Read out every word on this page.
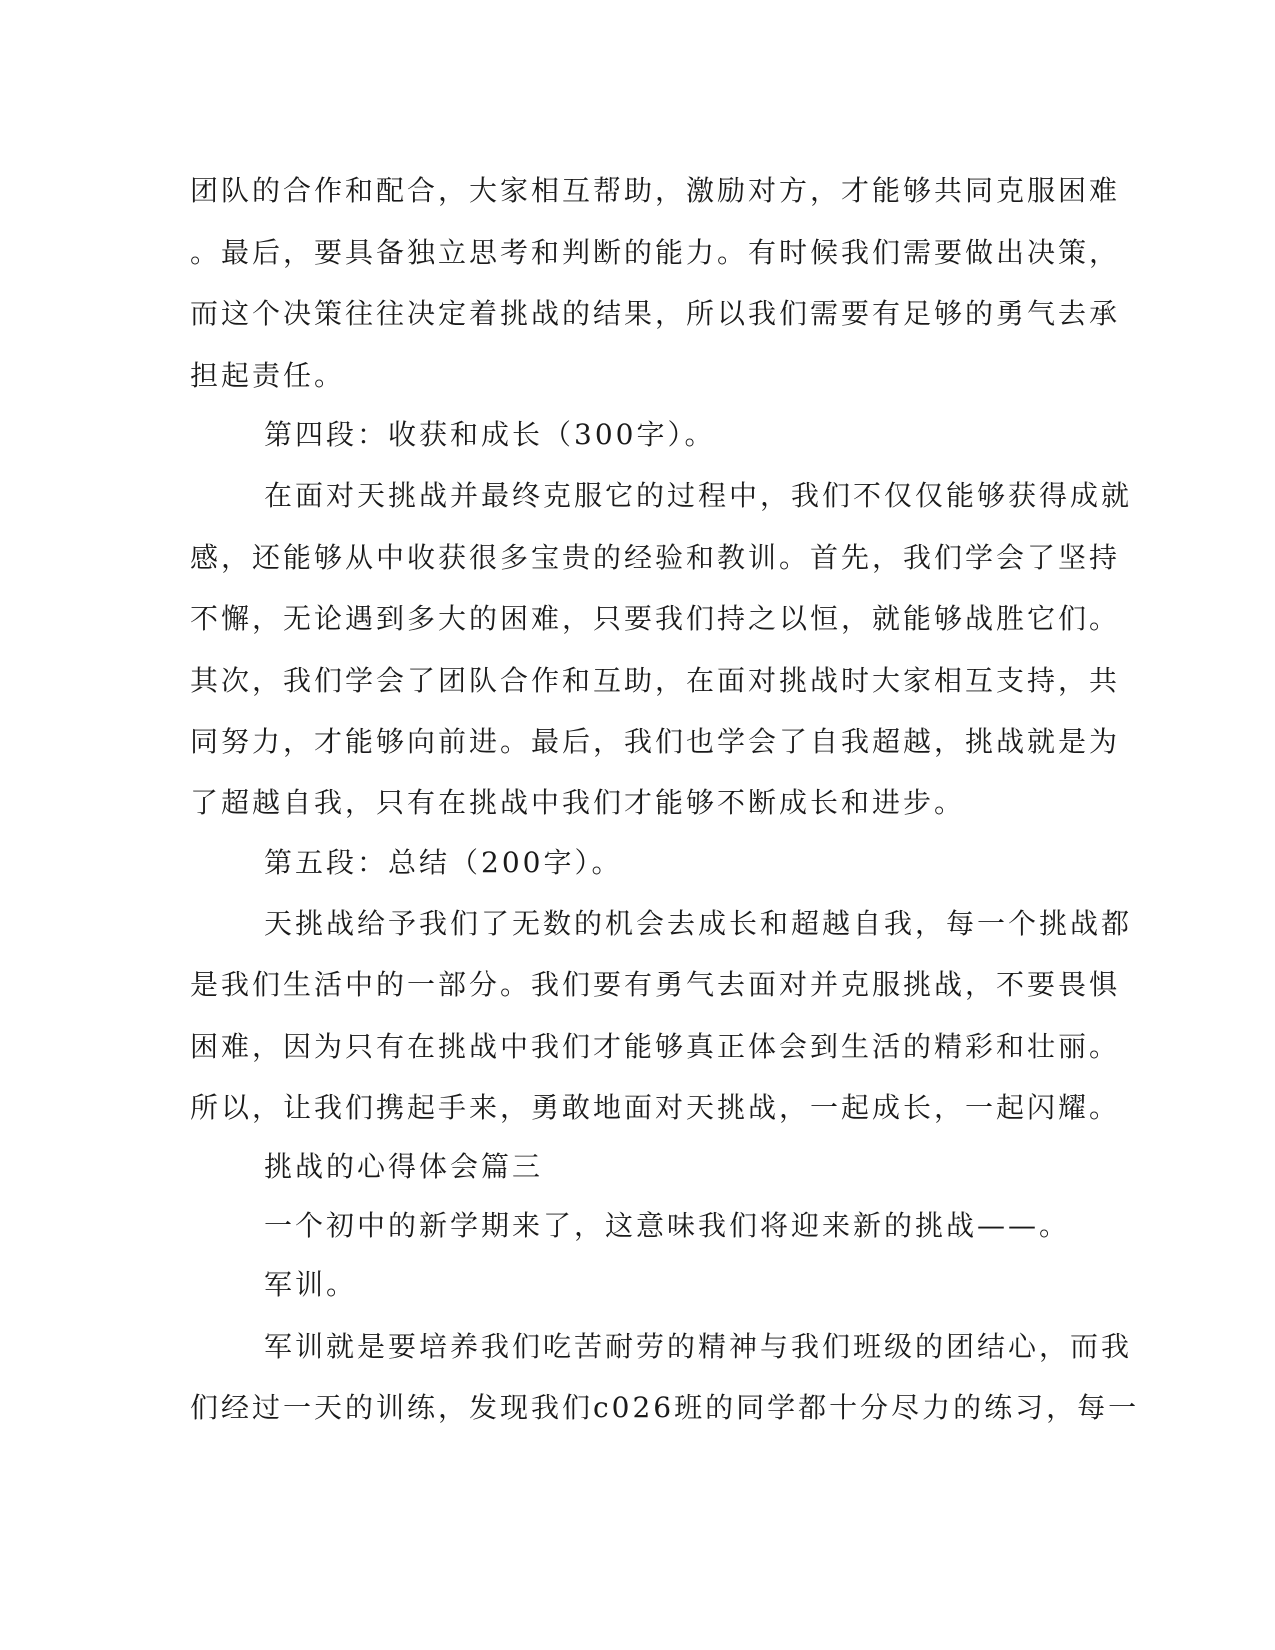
团队的合作和配合，大家相互帮助，激励对方，才能够共同克服困难
。最后，要具备独立思考和判断的能力。有时候我们需要做出决策，
而这个决策往往决定着挑战的结果，所以我们需要有足够的勇气去承
担起责任。
第四段：收获和成长（300字）。
在面对天挑战并最终克服它的过程中，我们不仅仅能够获得成就
感，还能够从中收获很多宝贵的经验和教训。首先，我们学会了坚持
不懈，无论遇到多大的困难，只要我们持之以恒，就能够战胜它们。
其次，我们学会了团队合作和互助，在面对挑战时大家相互支持，共
同努力，才能够向前进。最后，我们也学会了自我超越，挑战就是为
了超越自我，只有在挑战中我们才能够不断成长和进步。
第五段：总结（200字）。
天挑战给予我们了无数的机会去成长和超越自我，每一个挑战都
是我们生活中的一部分。我们要有勇气去面对并克服挑战，不要畏惧
困难，因为只有在挑战中我们才能够真正体会到生活的精彩和壮丽。
所以，让我们携起手来，勇敢地面对天挑战，一起成长，一起闪耀。
挑战的心得体会篇三
一个初中的新学期来了，这意味我们将迎来新的挑战——。
军训。
军训就是要培养我们吃苦耐劳的精神与我们班级的团结心，而我
们经过一天的训练，发现我们c026班的同学都十分尽力的练习，每一
